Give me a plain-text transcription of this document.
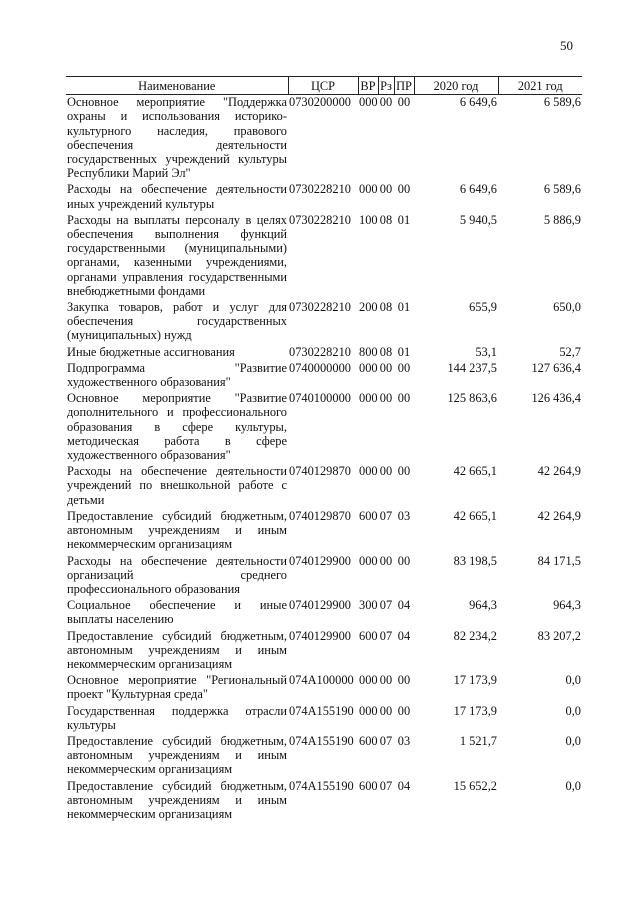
50
Наименование	ЦСР	ВР	Рз	ПР	2020 год	2021 год
Основное мероприятие "Поддержка охраны и использования историко-культурного наследия, правового обеспечения деятельности государственных учреждений культуры Республики Марий Эл"	0730200000	000	00	00	6 649,6	6 589,6
Расходы на обеспечение деятельности иных учреждений культуры	0730228210	000	00	00	6 649,6	6 589,6
Расходы на выплаты персоналу в целях обеспечения выполнения функций государственными (муниципальными) органами, казенными учреждениями, органами управления государственными внебюджетными фондами	0730228210	100	08	01	5 940,5	5 886,9
Закупка товаров, работ и услуг для обеспечения государственных (муниципальных) нужд	0730228210	200	08	01	655,9	650,0
Иные бюджетные ассигнования	0730228210	800	08	01	53,1	52,7
Подпрограмма "Развитие художественного образования"	0740000000	000	00	00	144 237,5	127 636,4
Основное мероприятие "Развитие дополнительного и профессионального образования в сфере культуры, методическая работа в сфере художественного образования"	0740100000	000	00	00	125 863,6	126 436,4
Расходы на обеспечение деятельности учреждений по внешкольной работе с детьми	0740129870	000	00	00	42 665,1	42 264,9
Предоставление субсидий бюджетным, автономным учреждениям и иным некоммерческим организациям	0740129870	600	07	03	42 665,1	42 264,9
Расходы на обеспечение деятельности организаций среднего профессионального образования	0740129900	000	00	00	83 198,5	84 171,5
Социальное обеспечение и иные выплаты населению	0740129900	300	07	04	964,3	964,3
Предоставление субсидий бюджетным, автономным учреждениям и иным некоммерческим организациям	0740129900	600	07	04	82 234,2	83 207,2
Основное мероприятие "Региональный проект "Культурная среда"	074A100000	000	00	00	17 173,9	0,0
Государственная поддержка отрасли культуры	074A155190	000	00	00	17 173,9	0,0
Предоставление субсидий бюджетным, автономным учреждениям и иным некоммерческим организациям	074A155190	600	07	03	1 521,7	0,0
Предоставление субсидий бюджетным, автономным учреждениям и иным некоммерческим организациям	074A155190	600	07	04	15 652,2	0,0
